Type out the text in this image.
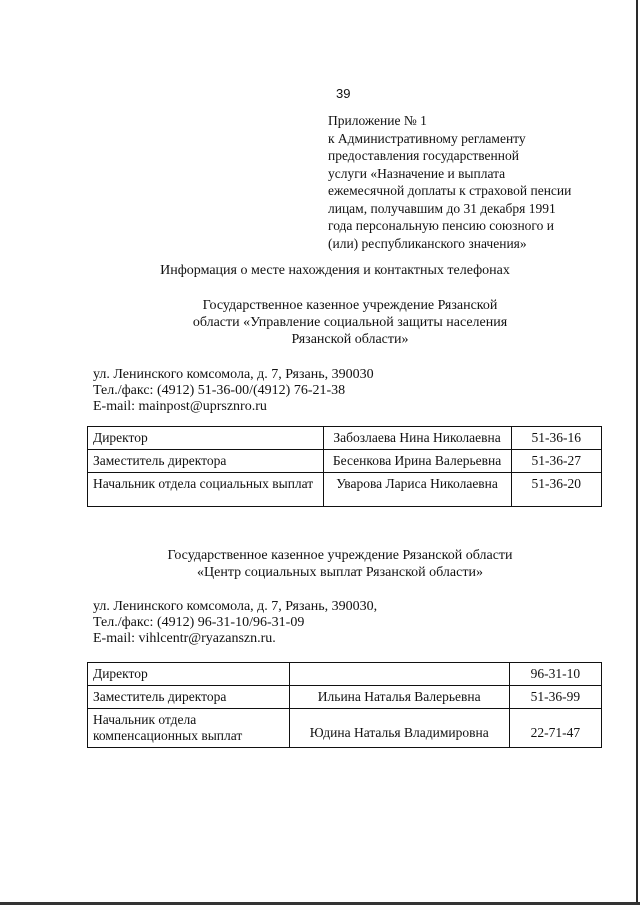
39
Приложение № 1
к Административному регламенту
предоставления государственной
услуги «Назначение и выплата
ежемесячной доплаты к страховой пенсии
лицам, получавшим до 31 декабря 1991
года персональную пенсию союзного и
(или) республиканского значения»
Информация о месте нахождения и контактных телефонах
Государственное казенное учреждение Рязанской
области «Управление социальной защиты населения
Рязанской области»
ул. Ленинского комсомола, д. 7, Рязань, 390030
Тел./факс: (4912) 51-36-00/(4912) 76-21-38
E-mail: mainpost@uprsznro.ru
Директор	Забозлаева Нина Николаевна	51-36-16
Заместитель директора	Бесенкова Ирина Валерьевна	51-36-27
Начальник отдела социальных выплат	Уварова Лариса Николаевна	51-36-20
Государственное казенное учреждение Рязанской области
«Центр социальных выплат Рязанской области»
ул. Ленинского комсомола, д. 7, Рязань, 390030,
Тел./факс: (4912) 96-31-10/96-31-09
E-mail: vihlcentr@ryazanszn.ru.
Директор		96-31-10
Заместитель директора	Ильина Наталья Валерьевна	51-36-99
Начальник отдела компенсационных выплат	Юдина Наталья Владимировна	22-71-47
